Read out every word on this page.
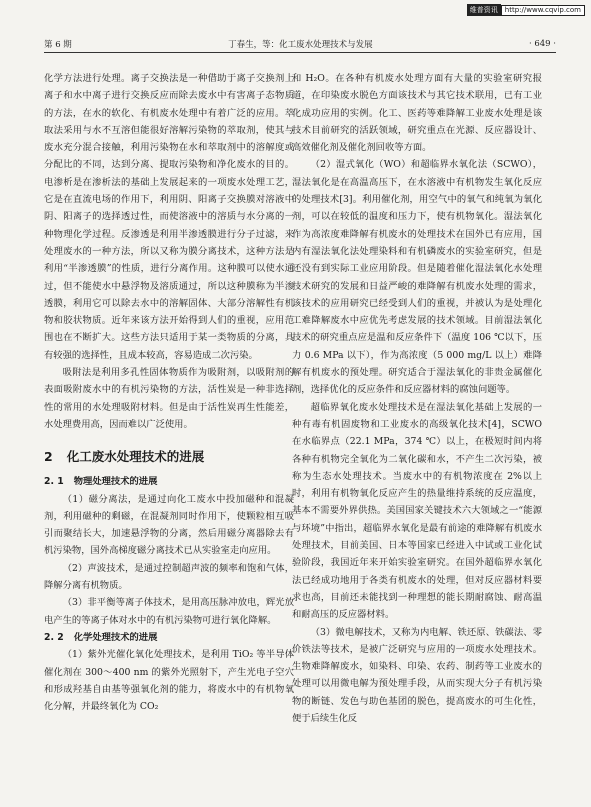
维普资讯	http://www.cqvip.com
第 6 期	丁春生，等：化工废水处理技术与发展	· 649 ·

化学方法进行处理。离子交换法是一种借助于离子交换剂上离子和水中离子进行交换反应而除去废水中有害离子态物质的方法，在水的软化、有机废水处理中有着广泛的应用。萃取法采用与水不互溶但能很好溶解污染物的萃取剂，使其与废水充分混合接触，利用污染物在水和萃取剂中的溶解度或分配比的不同，达到分离、提取污染物和净化废水的目的。电渗析是在渗析法的基础上发展起来的一项废水处理工艺，它是在直流电场的作用下，利用阴、阳离子交换膜对溶液中阴、阳离子的选择透过性，而使溶液中的溶质与水分离的一种物理化学过程。反渗透是利用半渗透膜进行分子过滤，来处理废水的一种方法，所以又称为膜分离技术，这种方法是利用“半渗透膜”的性质，进行分离作用。这种膜可以使水通过，但不能使水中悬浮物及溶质通过，所以这种膜称为半渗透膜，利用它可以除去水中的溶解固体、大部分溶解性有机物和胶状物质。近年来该方法开始得到人们的重视，应用范围也在不断扩大。这些方法只适用于某一类物质的分离，具有较强的选择性，且成本较高，容易造成二次污染。

吸附法是利用多孔性固体物质作为吸附剂，以吸附剂的表面吸附废水中的有机污染物的方法，活性炭是一种非选择性的常用的水处理吸附材料。但是由于活性炭再生性能差，水处理费用高，因而难以广泛使用。

2 化工废水处理技术的进展
2. 1 物理处理技术的进展

（1）磁分离法，是通过向化工废水中投加磁种和混凝剂，利用磁种的剩磁，在混凝剂同时作用下，使颗粒相互吸引而聚结长大，加速悬浮物的分离，然后用磁分离器除去有机污染物，国外高梯度磁分离技术已从实验室走向应用。

（2）声波技术，是通过控制超声波的频率和饱和气体，降解分离有机物质。

（3）非平衡等离子体技术，是用高压脉冲放电，辉光放电产生的等离子体对水中的有机污染物可进行氧化降解。

2. 2 化学处理技术的进展

（1）紫外光催化氧化处理技术，是利用 TiO₂ 等半导体催化剂在 300～400 nm 的紫外光照射下，产生光电子空穴和形成羟基自由基等强氧化剂的能力，将废水中的有机物氧化分解，并最终氧化为 CO₂

和 H₂O。在各种有机废水处理方面有大量的实验室研究报道，在印染废水脱色方面该技术与其它技术联用，已有工业化成功应用的实例。化工、医药等难降解工业废水处理是该技术目前研究的活跃领域，研究重点在光源、反应器设计、高效催化剂及催化剂回收等方面。

（2）湿式氧化（WO）和超临界水氧化法（SCWO），湿法氧化是在高温高压下，在水溶液中有机物发生氧化反应的处理技术[3]。利用催化剂，用空气中的氧气和纯氧为氧化剂，可以在较低的温度和压力下，使有机物氧化。湿法氧化作为高浓度难降解有机废水的处理技术在国外已有应用，国内有湿法氧化法处理染料和有机磷废水的实验室研究，但是还没有到实际工业应用阶段。但是随着催化湿法氧化水处理技术研究的发展和日益严峻的难降解有机废水处理的需求，该技术的应用研究已经受到人们的重视，并被认为是处理化工难降解废水中应优先考虑发展的技术领域。目前湿法氧化技术的研究重点应是温和反应条件下（温度 106 ℃以下，压力 0.6 MPa 以下），作为高浓度（5 000 mg/L 以上）难降解有机废水的预处理。研究适合于湿法氧化的非贵金属催化剂，选择优化的反应条件和反应器材料的腐蚀问题等。

超临界氧化废水处理技术是在湿法氧化基础上发展的一种有毒有机固废物和工业废水的高级氧化技术[4]，SCWO 在水临界点（22.1 MPa，374 ℃）以上，在极短时间内将各种有机物完全氧化为二氧化碳和水，不产生二次污染，被称为生态水处理技术。当废水中的有机物浓度在 2%以上时，利用有机物氧化反应产生的热量维持系统的反应温度，基本不需要外界供热。美国国家关键技术六大领域之一“能源与环境”中指出，超临界水氧化是最有前途的难降解有机废水处理技术，目前美国、日本等国家已经进入中试或工业化试验阶段，我国近年来开始实验室研究。在国外超临界水氧化法已经成功地用于各类有机废水的处理，但对反应器材料要求也高，目前还未能找到一种理想的能长期耐腐蚀、耐高温和耐高压的反应器材料。

（3）微电解技术，又称为内电解、铁还原、铁碳法、零价铁法等技术，是被广泛研究与应用的一项废水处理技术。生物难降解废水，如染料、印染、农药、制药等工业废水的处理可以用微电解为预处理手段，从而实现大分子有机污染物的断链、发色与助色基团的脱色，提高废水的可生化性，便于后续生化反
